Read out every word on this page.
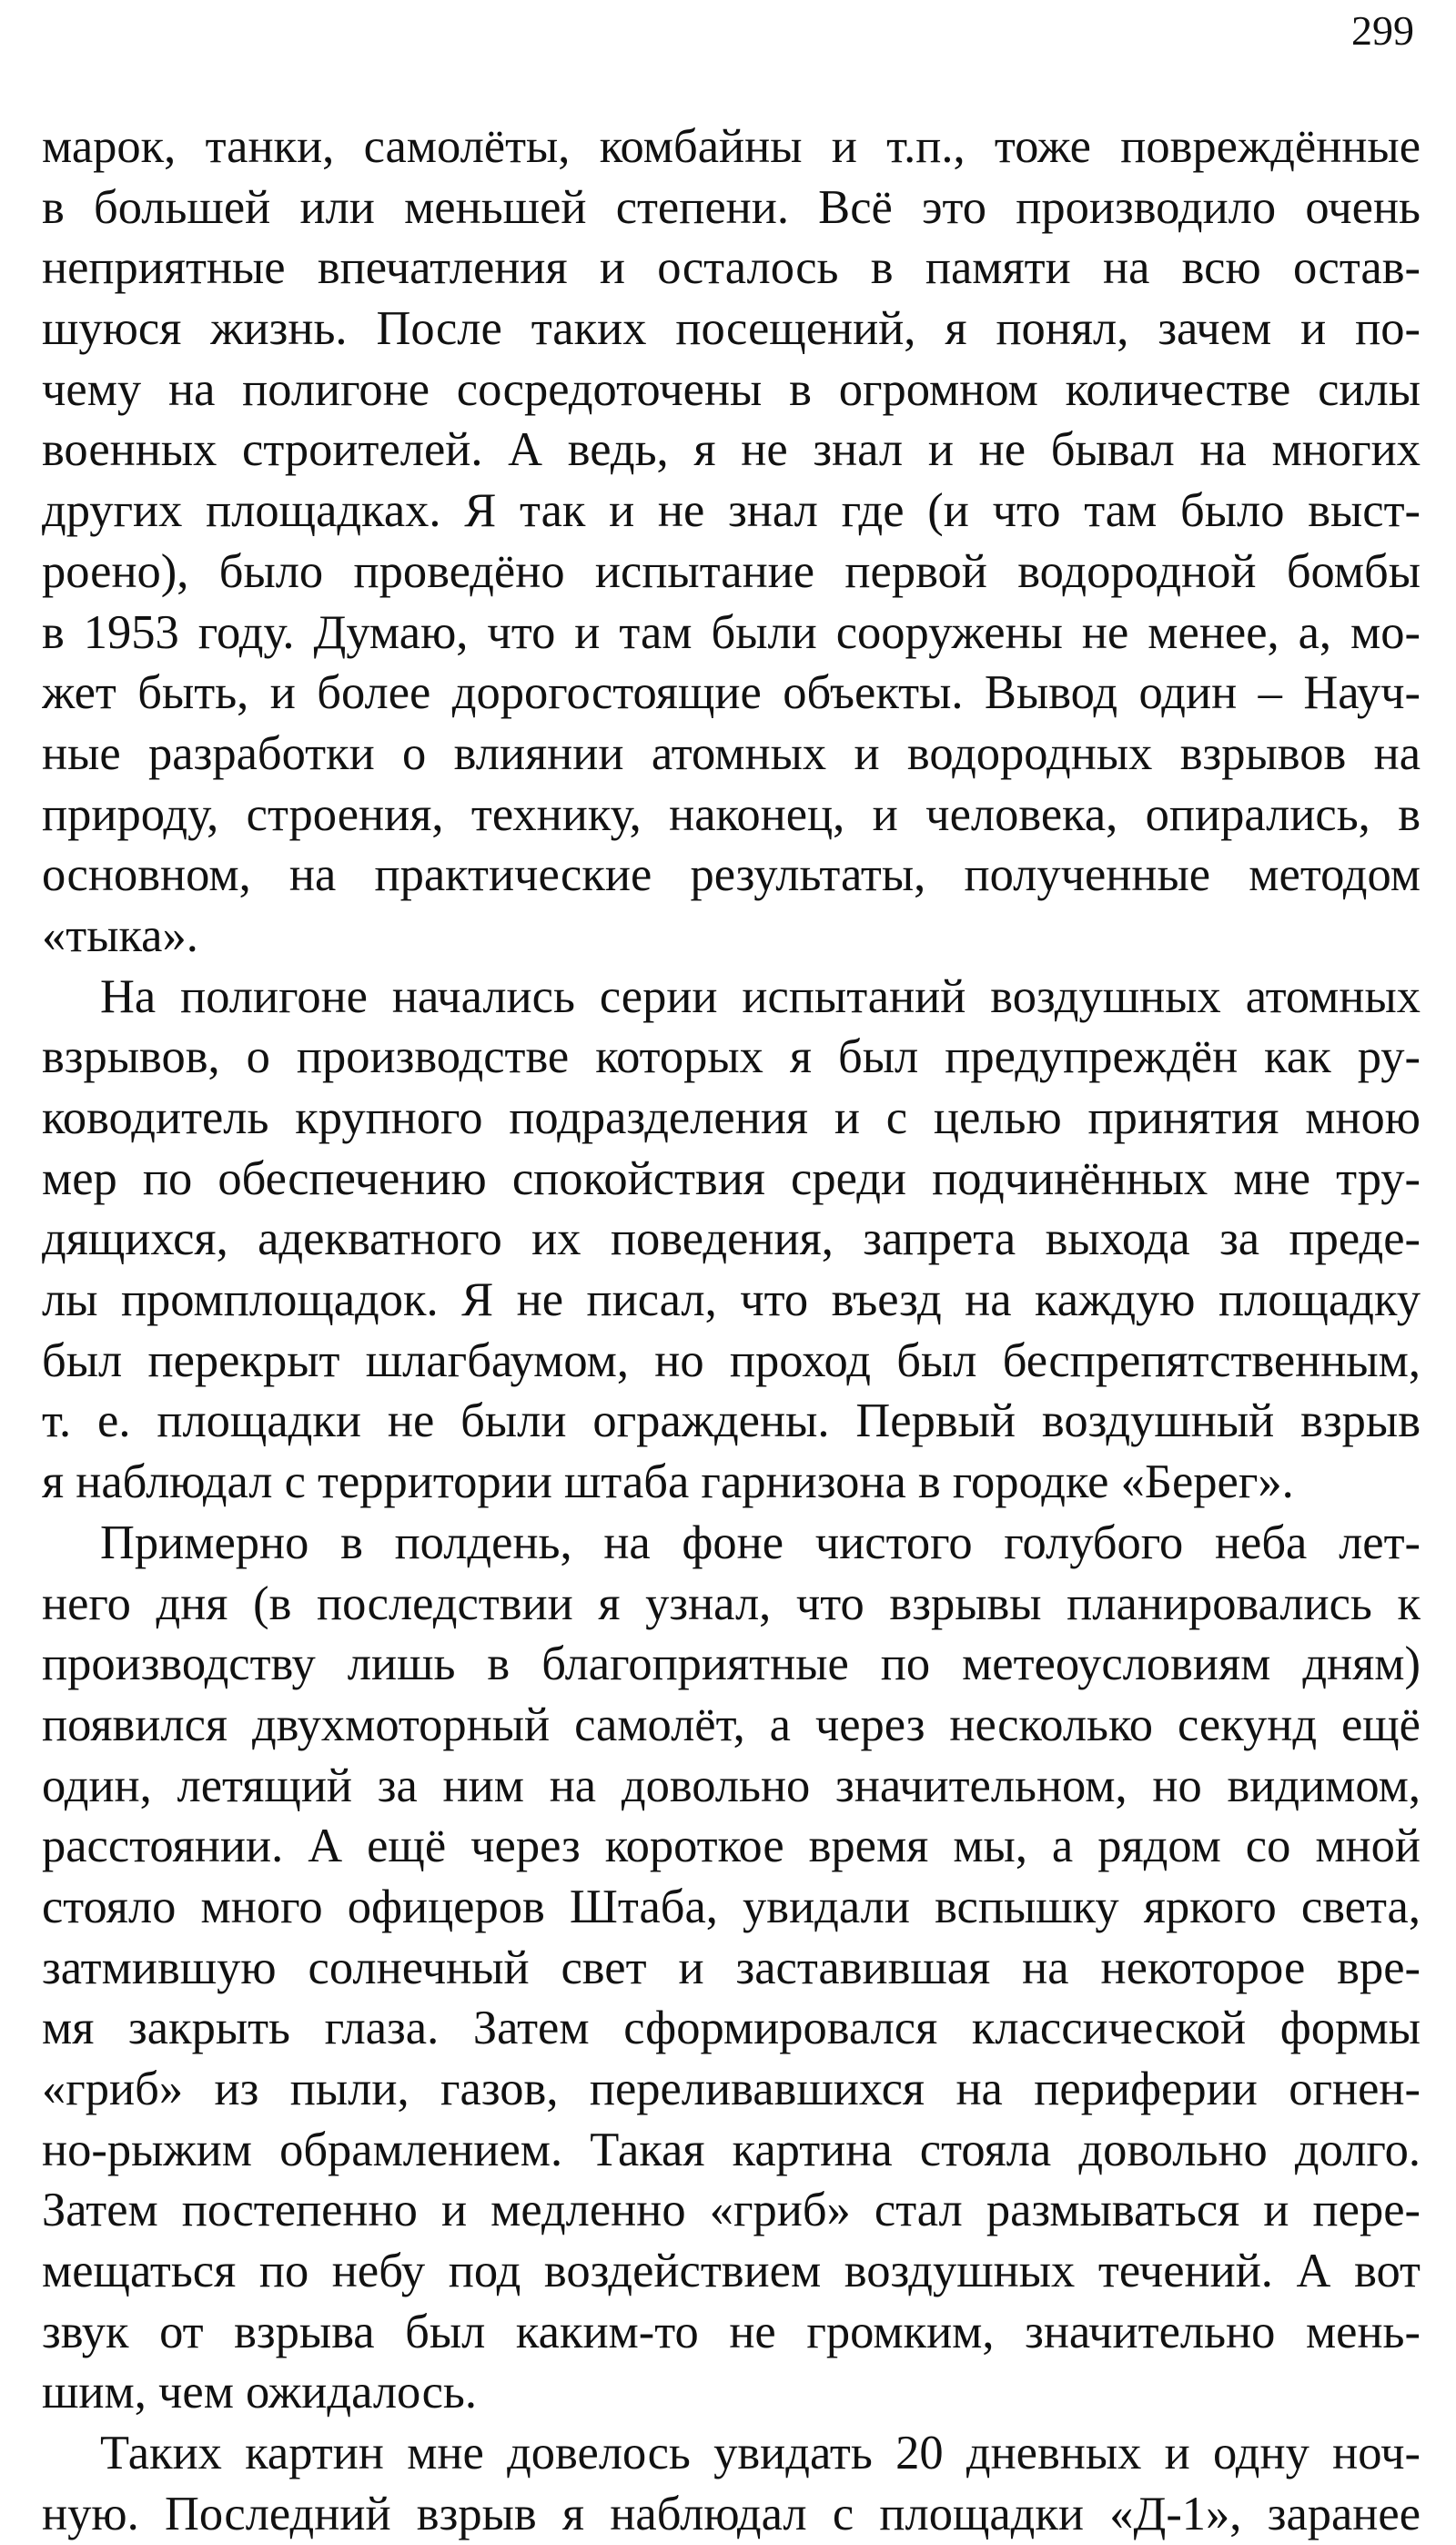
299
марок, танки, самолёты, комбайны и т.п., тоже повреждённые
в большей или меньшей степени. Всё это производило очень
неприятные впечатления и осталось в памяти на всю остав-
шуюся жизнь. После таких посещений, я понял, зачем и по-
чему на полигоне сосредоточены в огромном количестве силы
военных строителей. А ведь, я не знал и не бывал на многих
других площадках. Я так и не знал где (и что там было выст-
роено), было проведёно испытание первой водородной бомбы
в 1953 году. Думаю, что и там были сооружены не менее, а, мо-
жет быть, и более дорогостоящие объекты. Вывод один – Науч-
ные разработки о влиянии атомных и водородных взрывов на
природу, строения, технику, наконец, и человека, опирались, в
основном, на практические результаты, полученные методом
«тыка».
На полигоне начались серии испытаний воздушных атомных
взрывов, о производстве которых я был предупреждён как ру-
ководитель крупного подразделения и с целью принятия мною
мер по обеспечению спокойствия среди подчинённых мне тру-
дящихся, адекватного их поведения, запрета выхода за преде-
лы промплощадок. Я не писал, что въезд на каждую площадку
был перекрыт шлагбаумом, но проход был беспрепятственным,
т. е. площадки не были ограждены. Первый воздушный взрыв
я наблюдал с территории штаба гарнизона в городке «Берег».
Примерно в полдень, на фоне чистого голубого неба лет-
него дня (в последствии я узнал, что взрывы планировались к
производству лишь в благоприятные по метеоусловиям дням)
появился двухмоторный самолёт, а через несколько секунд ещё
один, летящий за ним на довольно значительном, но видимом,
расстоянии. А ещё через короткое время мы, а рядом со мной
стояло много офицеров Штаба, увидали вспышку яркого света,
затмившую солнечный свет и заставившая на некоторое вре-
мя закрыть глаза. Затем сформировался классической формы
«гриб» из пыли, газов, переливавшихся на периферии огнен-
но-рыжим обрамлением. Такая картина стояла довольно долго.
Затем постепенно и медленно «гриб» стал размываться и пере-
мещаться по небу под воздействием воздушных течений. А вот
звук от взрыва был каким-то не громким, значительно мень-
шим, чем ожидалось.
Таких картин мне довелось увидать 20 дневных и одну ноч-
ную. Последний взрыв я наблюдал с площадки «Д-1», заранее
